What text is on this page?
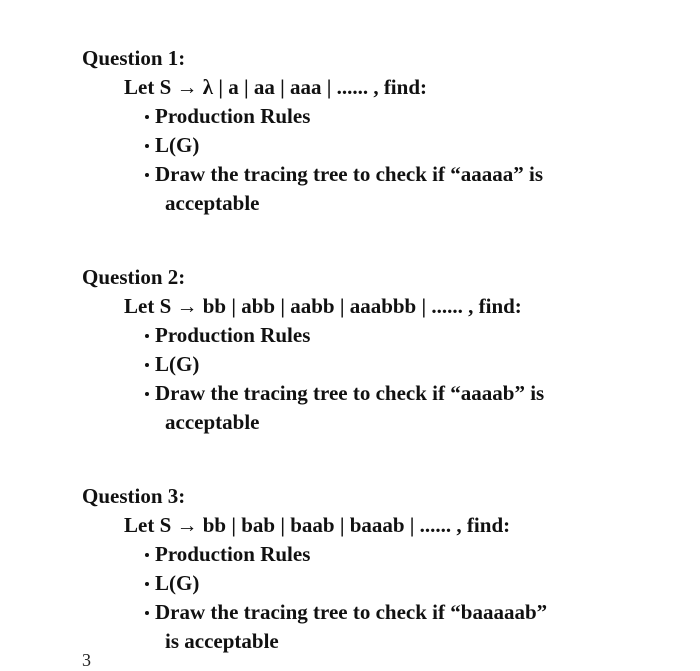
Question 1:

Let S → λ | a | aa | aaa | ...... , find:

Production Rules
L(G)
Draw the tracing tree to check if “aaaaa” is
acceptable

Question 2:

Let S → bb | abb | aabb | aaabbb | ...... , find:

Production Rules
L(G)
Draw the tracing tree to check if “aaaab” is
acceptable

Question 3:

Let S → bb | bab | baab | baaab | ...... , find:

Production Rules
L(G)
Draw the tracing tree to check if “baaaaab”
is acceptable
3
